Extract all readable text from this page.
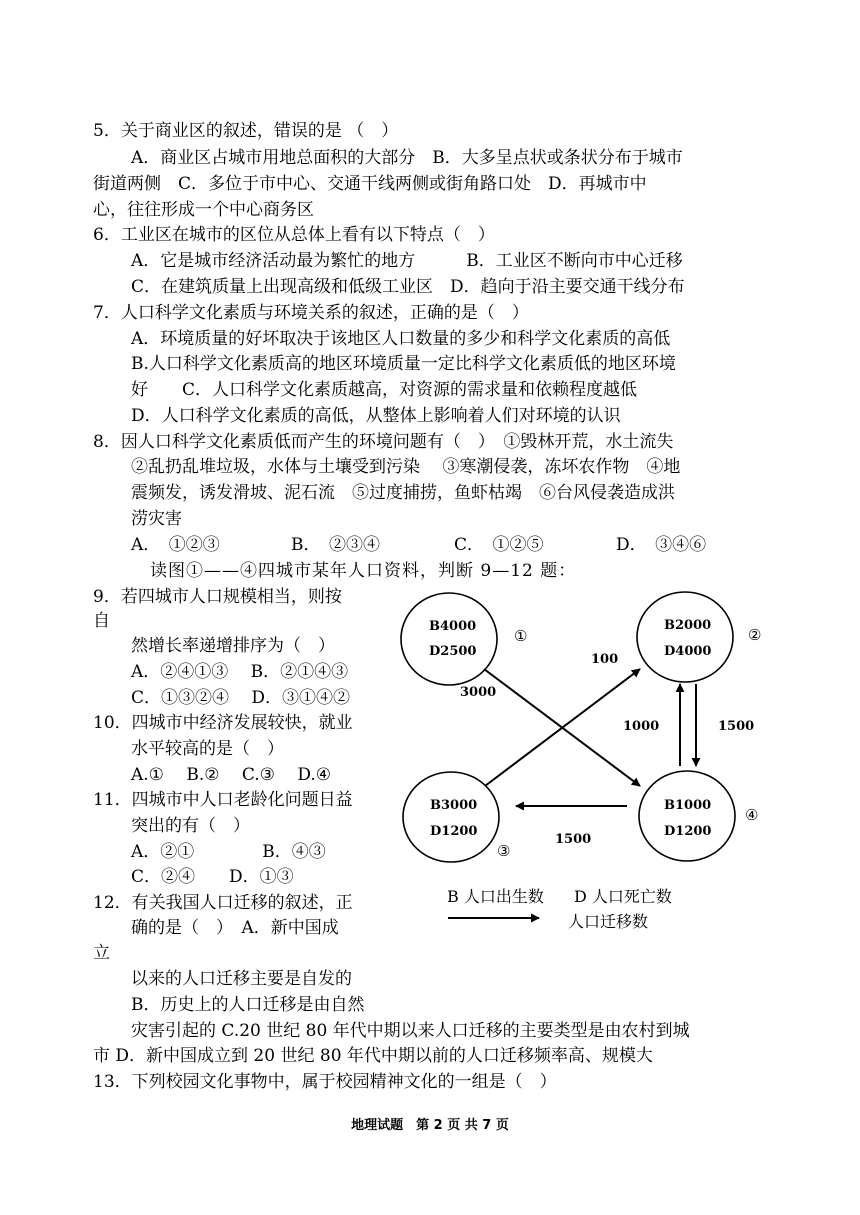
5．关于商业区的叙述，错误的是 （　）
A．商业区占城市用地总面积的大部分　B．大多呈点状或条状分布于城市
街道两侧　C．多位于市中心、交通干线两侧或街角路口处　D．再城市中
心，往往形成一个中心商务区
6．工业区在城市的区位从总体上看有以下特点（　）
A．它是城市经济活动最为繁忙的地方　　　B．工业区不断向市中心迁移
C．在建筑质量上出现高级和低级工业区　D．趋向于沿主要交通干线分布
7．人口科学文化素质与环境关系的叙述，正确的是（　）
A．环境质量的好坏取决于该地区人口数量的多少和科学文化素质的高低
B.人口科学文化素质高的地区环境质量一定比科学文化素质低的地区环境
好　　C．人口科学文化素质越高，对资源的需求量和依赖程度越低
D．人口科学文化素质的高低，从整体上影响着人们对环境的认识
8．因人口科学文化素质低而产生的环境问题有（　）　①毁林开荒，水土流失
②乱扔乱堆垃圾，水体与土壤受到污染　 ③寒潮侵袭，冻坏农作物　④地
震频发，诱发滑坡、泥石流　⑤过度捕捞，鱼虾枯竭　⑥台风侵袭造成洪
涝灾害
A．　①②③	B．　②③④	C．　①②⑤	D．　③④⑥
读图①——④四城市某年人口资料，判断 9—12 题：
9．若四城市人口规模相当，则按
自
然增长率递增排序为（　）
A．②④①③　 B．②①④③
C．①③②④　 D．③①④②
10．四城市中经济发展较快，就业
水平较高的是（　）
A.①　 B.②　 C.③　 D.④
11．四城市中人口老龄化问题日益
突出的有（　）
A．②①　　　　B．④③
C．②④　　D．①③
12．有关我国人口迁移的叙述，正
确的是（　）　A．新中国成
立
以来的人口迁移主要是自发的
B．历史上的人口迁移是由自然
灾害引起的 C.20 世纪 80 年代中期以来人口迁移的主要类型是由农村到城
市 D．新中国成立到 20 世纪 80 年代中期以前的人口迁移频率高、规模大
13．下列校园文化事物中，属于校园精神文化的一组是（　）
B4000
D2500
①
B2000
D4000
②
B3000
D1200
③
B1000
D1200
④
3000
100
1000	1500
1500
B 人口出生数 D 人口死亡数
人口迁移数
地理试题　第 2 页 共 7 页
